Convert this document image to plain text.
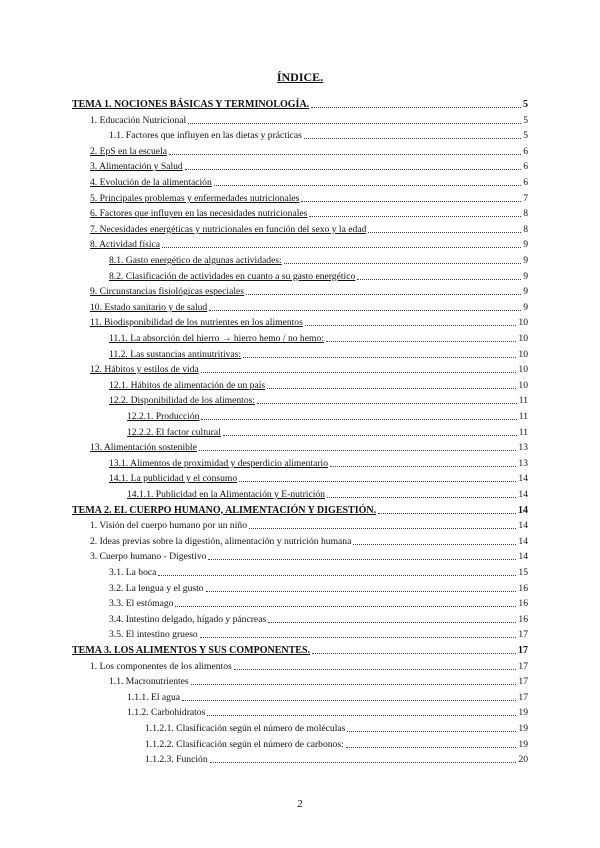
ÍNDICE.
TEMA 1. NOCIONES BÁSICAS Y TERMINOLOGÍA.	5
1. Educación Nutricional	5
1.1. Factores que influyen en las dietas y prácticas	5
2. EpS en la escuela	6
3. Alimentación y Salud	6
4. Evolución de la alimentación	6
5. Principales problemas y enfermedades nutricionales	7
6. Factores que influyen en las necesidades nutricionales	8
7. Necesidades energéticas y nutricionales en función del sexo y la edad	8
8. Actividad física	9
8.1. Gasto energético de algunas actividades:	9
8.2. Clasificación de actividades en cuanto a su gasto energético	9
9. Circunstancias fisiológicas especiales	9
10. Estado sanitario y de salud	9
11. Biodisponibilidad de los nutrientes en los alimentos	10
11.1. La absorción del hierro → hierro hemo / no hemo:	10
11.2. Las sustancias antinutritivas:	10
12. Hábitos y estilos de vida	10
12.1. Hábitos de alimentación de un país	10
12.2. Disponibilidad de los alimentos:	11
12.2.1. Producción	11
12.2.2. El factor cultural	11
13. Alimentación sostenible	13
13.1. Alimentos de proximidad y desperdicio alimentario	13
14.1. La publicidad y el consumo	14
14.1.1. Publicidad en la Alimentación y E-nutrición	14
TEMA 2. EL CUERPO HUMANO, ALIMENTACIÓN Y DIGESTIÓN.	14
1. Visión del cuerpo humano por un niño	14
2. Ideas previas sobre la digestión, alimentación y nutrición humana	14
3. Cuerpo humano - Digestivo	14
3.1. La boca	15
3.2. La lengua y el gusto	16
3.3. El estómago	16
3.4. Intestino delgado, hígado y páncreas	16
3.5. El intestino grueso	17
TEMA 3. LOS ALIMENTOS Y SUS COMPONENTES.	17
1. Los componentes de los alimentos	17
1.1. Macronutrientes	17
1.1.1. El agua	17
1.1.2. Carbohidratos	19
1.1.2.1. Clasificación según el número de moléculas	19
1.1.2.2. Clasificación según el número de carbonos:	19
1.1.2.3. Función	20
2
